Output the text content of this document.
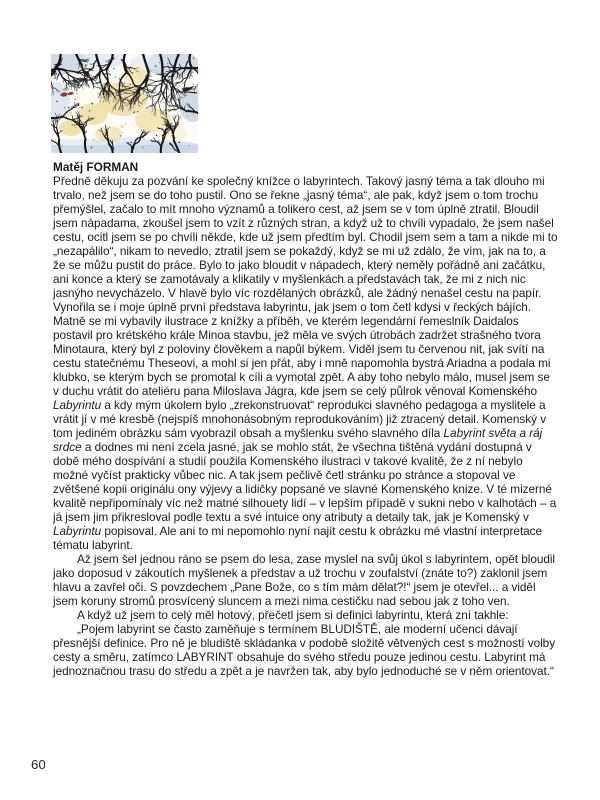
Matěj FORMAN

Předně děkuju za pozvání ke společný knížce o labyrintech. Takový jasný téma a tak dlouho mi trvalo, než jsem se do toho pustil. Ono se řekne „jasný téma“, ale pak, když jsem o tom trochu přemýšlel, začalo to mít mnoho významů a tolikero cest, až jsem se v tom úplně ztratil. Bloudil jsem nápadama, zkoušel jsem to vzít z různých stran, a když už to chvíli vypadalo, že jsem našel cestu, ocitl jsem se po chvíli někde, kde už jsem předtím byl. Chodil jsem sem a tam a nikde mi to „nezapálilo“, nikam to nevedlo, ztratil jsem se pokaždý, když se mi už zdálo, že vím, jak na to, a že se můžu pustit do práce. Bylo to jako bloudit v nápadech, který neměly pořádně ani začátku, ani konce a který se zamotávaly a klikatily v myšlenkách a představách tak, že mi z nich nic jasnýho nevycházelo. V hlavě bylo víc rozdělaných obrázků, ale žádný nenašel cestu na papír. Vynořila se i moje úplně první představa labyrintu, jak jsem o tom četl kdysi v řeckých bájích. Matně se mi vybavily ilustrace z knížky a příběh, ve kterém legendární řemeslník Daidalos postavil pro krétského krále Minoa stavbu, jež měla ve svých útrobách zadržet strašného tvora Minotaura, který byl z poloviny člověkem a napůl býkem. Viděl jsem tu červenou nit, jak svítí na cestu statečnému Theseovi, a mohl si jen přát, aby i mně napomohla bystrá Ariadna a podala mi klubko, se kterým bych se promotal k cíli a vymotal zpět. A aby toho nebylo málo, musel jsem se v duchu vrátit do ateliéru pana Miloslava Jágra, kde jsem se celý půlrok věnoval Komenského Labyrintu a kdy mým úkolem bylo „zrekonstruovat“ reprodukci slavného pedagoga a myslitele a vrátit jí v mé kresbě (nejspíš mnohonásobným reprodukováním) již ztracený detail. Komenský v tom jediném obrázku sám vyobrazil obsah a myšlenku svého slavného díla Labyrint světa a ráj srdce a dodnes mi není zcela jasné, jak se mohlo stát, že všechna tištěná vydání dostupná v době mého dospívání a studií použila Komenského ilustraci v takové kvalitě, že z ní nebylo možné vyčíst prakticky vůbec nic. A tak jsem pečlivě četl stránku po stránce a stopoval ve zvětšené kopii originálu ony výjevy a lidičky popsané ve slavné Komenského knize. V té mizerné kvalitě nepřipomínaly víc než matné silhouety lidí – v lepším případě v sukni nebo v kalhotách – a já jsem jim přikresloval podle textu a své intuice ony atributy a detaily tak, jak je Komenský v Labyrintu popisoval. Ale ani to mi nepomohlo nyní najít cestu k obrázku mé vlastní interpretace tématu labyrint.

Až jsem šel jednou ráno se psem do lesa, zase myslel na svůj úkol s labyrintem, opět bloudil jako doposud v zákoutích myšlenek a představ a už trochu v zoufalství (znáte to?) zaklonil jsem hlavu a zavřel oči. S povzdechem „Pane Bože, co s tím mám dělat?!“ jsem je otevřel... a viděl jsem koruny stromů prosvícený sluncem a mezi nima cestičku nad sebou jak z toho ven.

A když už jsem to celý měl hotový, přečetl jsem si definici labyrintu, která zní takhle:

„Pojem labyrint se často zaměňuje s termínem BLUDIŠTĚ, ale moderní učenci dávají přesnější definice. Pro ně je bludiště skládanka v podobě složitě větvených cest s možností volby cesty a směru, zatímco LABYRINT obsahuje do svého středu pouze jedinou cestu. Labyrint má jednoznačnou trasu do středu a zpět a je navržen tak, aby bylo jednoduché se v něm orientovat.“

60
